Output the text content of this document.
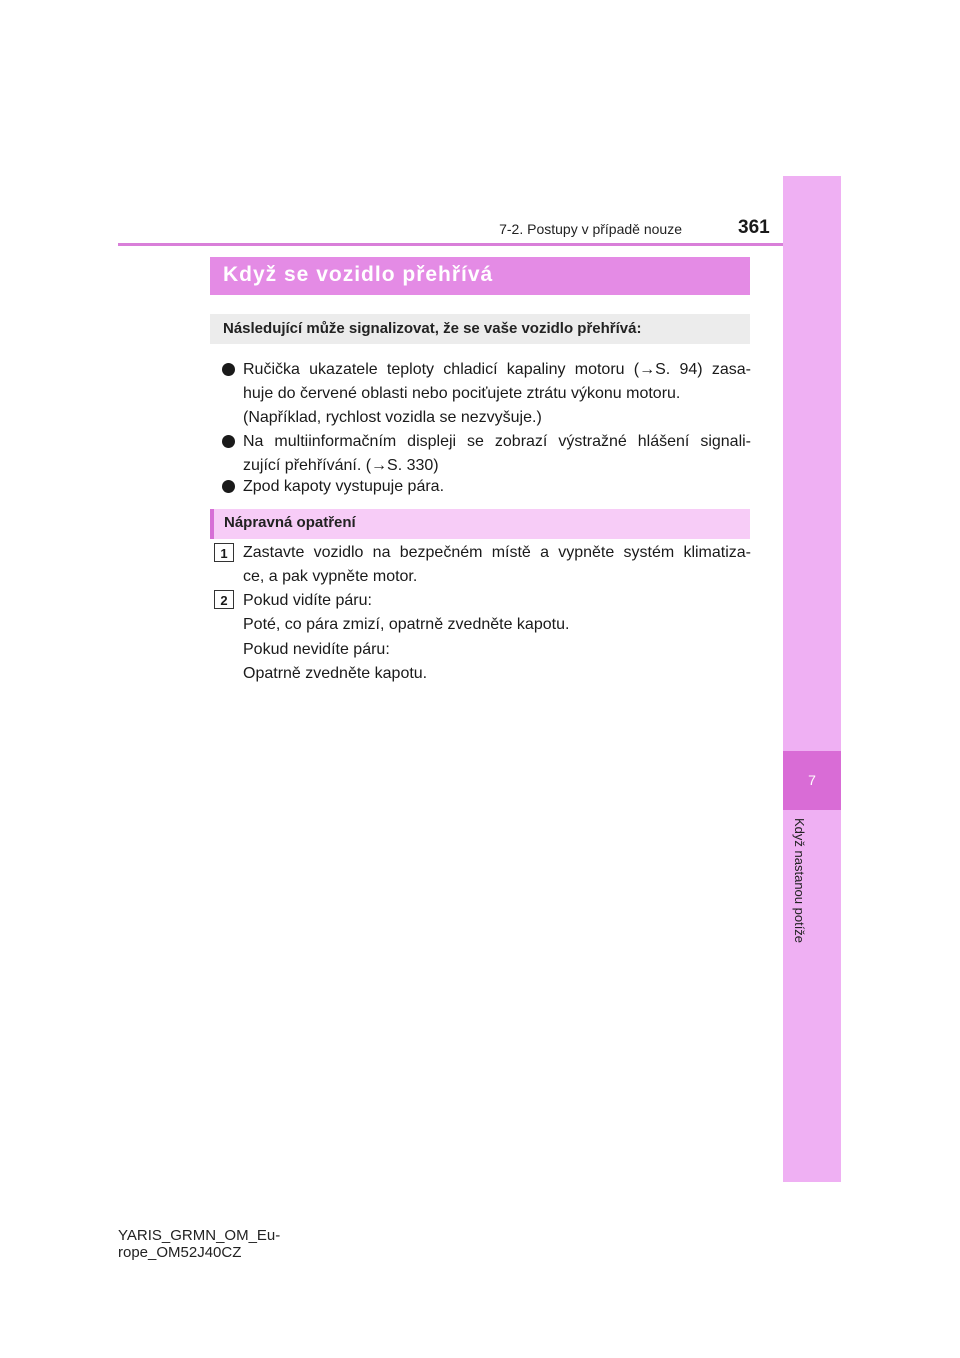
7
Když nastanou potíže
7-2. Postupy v případě nouze	361
Když se vozidlo přehřívá
Následující může signalizovat, že se vaše vozidlo přehřívá:
Ručička ukazatele teploty chladicí kapaliny motoru (→S. 94) zasa-
huje do červené oblasti nebo pociťujete ztrátu výkonu motoru.
(Například, rychlost vozidla se nezvyšuje.)
Na multiinformačním displeji se zobrazí výstražné hlášení signali-
zující přehřívání. (→S. 330)
Zpod kapoty vystupuje pára.
Nápravná opatření
1 Zastavte vozidlo na bezpečném místě a vypněte systém klimatiza-
ce, a pak vypněte motor.
2 Pokud vidíte páru:
Poté, co pára zmizí, opatrně zvedněte kapotu.
Pokud nevidíte páru:
Opatrně zvedněte kapotu.
YARIS_GRMN_OM_Eu-
rope_OM52J40CZ
